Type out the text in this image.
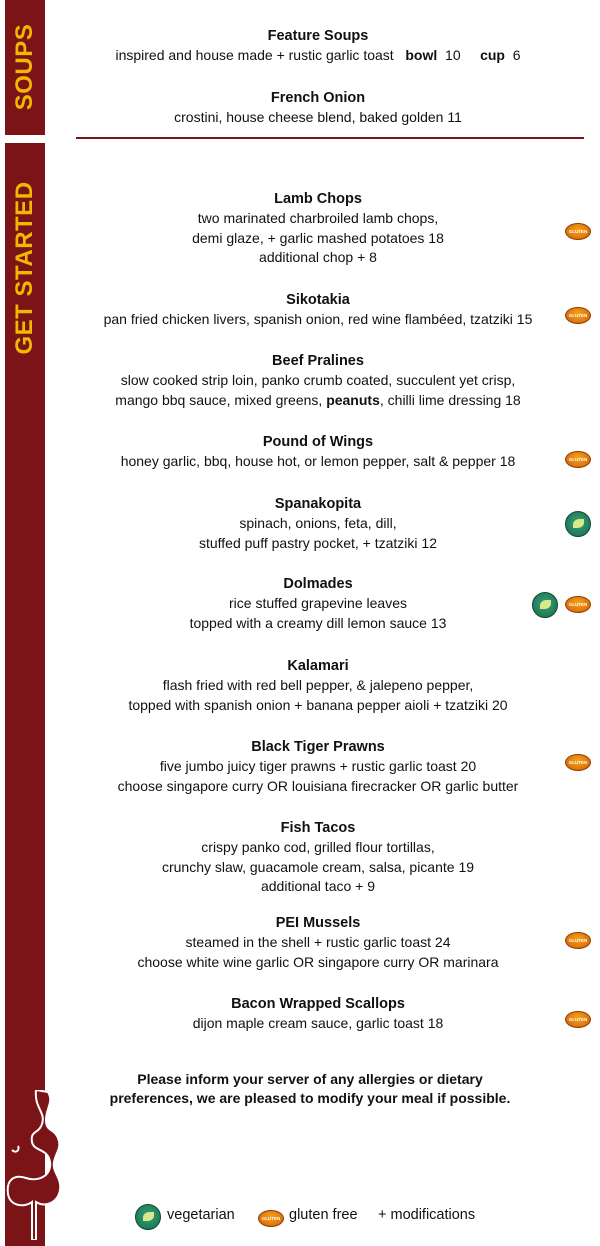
SOUPS
GET STARTED
Feature Soups
inspired and house made + rustic garlic toast bowl 10 cup 6
French Onion
crostini, house cheese blend, baked golden 11
Lamb Chops
two marinated charbroiled lamb chops,
demi glaze, + garlic mashed potatoes 18
additional chop + 8
GLUTEN
Sikotakia
pan fried chicken livers, spanish onion, red wine flambéed, tzatziki 15	GLUTEN
Beef Pralines
slow cooked strip loin, panko crumb coated, succulent yet crisp,
mango bbq sauce, mixed greens, peanuts, chilli lime dressing 18
Pound of Wings
honey garlic, bbq, house hot, or lemon pepper, salt & pepper 18	GLUTEN
Spanakopita
spinach, onions, feta, dill,
stuffed puff pastry pocket, + tzatziki 12
Dolmades
rice stuffed grapevine leaves
topped with a creamy dill lemon sauce 13
GLUTEN
Kalamari
flash fried with red bell pepper, & jalepeno pepper,
topped with spanish onion + banana pepper aioli + tzatziki 20
Black Tiger Prawns
five jumbo juicy tiger prawns + rustic garlic toast 20
choose singapore curry OR louisiana firecracker OR garlic butter
GLUTEN
Fish Tacos
crispy panko cod, grilled flour tortillas,
crunchy slaw, guacamole cream, salsa, picante 19
additional taco + 9
PEI Mussels
steamed in the shell + rustic garlic toast 24
choose white wine garlic OR singapore curry OR marinara
GLUTEN
Bacon Wrapped Scallops
dijon maple cream sauce, garlic toast 18	GLUTEN
Please inform your server of any allergies or dietary
preferences, we are pleased to modify your meal if possible.
vegetarian	GLUTEN gluten free + modifications
